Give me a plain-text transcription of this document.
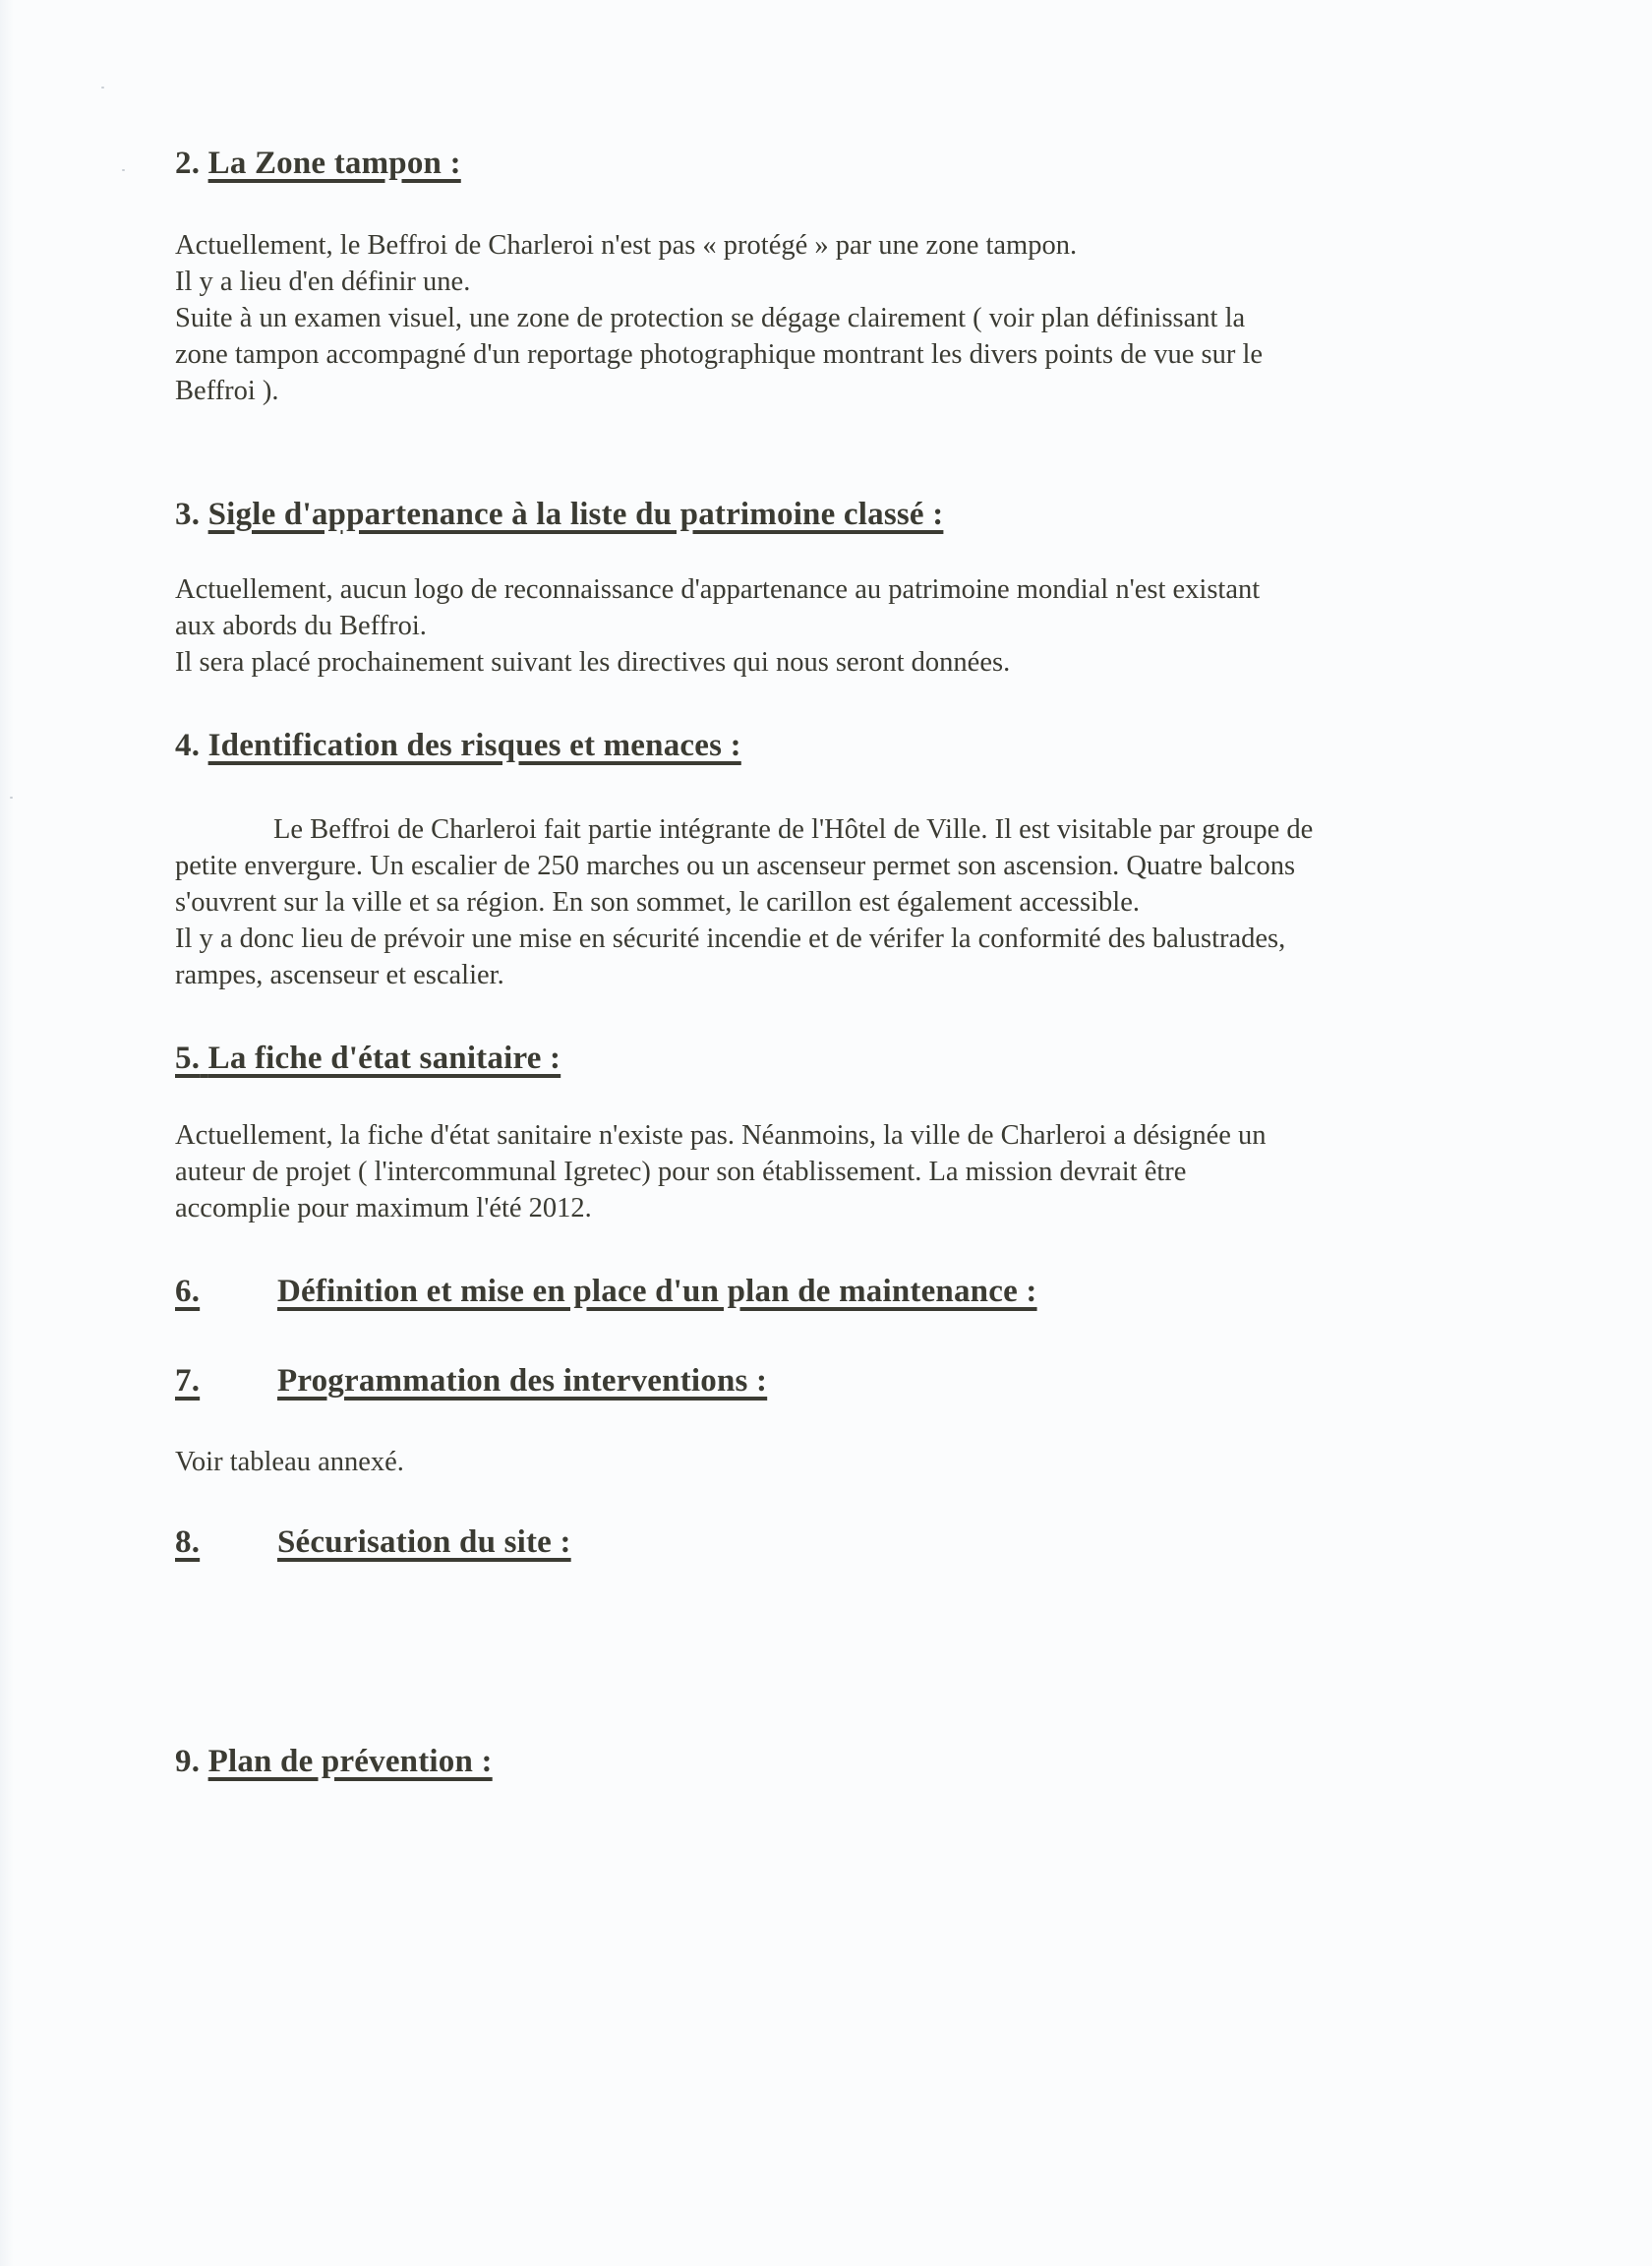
2. La Zone tampon :
Actuellement, le Beffroi de Charleroi n'est pas « protégé » par une zone tampon.
Il y a lieu d'en définir une.
Suite à un examen visuel, une zone de protection se dégage clairement ( voir plan définissant la
zone tampon accompagné d'un reportage photographique montrant les divers points de vue sur le
Beffroi ).
3. Sigle d'appartenance à la liste du patrimoine classé :
Actuellement, aucun logo de reconnaissance d'appartenance au patrimoine mondial n'est existant
aux abords du Beffroi.
Il sera placé prochainement suivant les directives qui nous seront données.
4. Identification des risques et menaces :
Le Beffroi de Charleroi fait partie intégrante de l'Hôtel de Ville. Il est visitable par groupe de
petite envergure. Un escalier de 250 marches ou un ascenseur permet son ascension. Quatre balcons
s'ouvrent sur la ville et sa région. En son sommet, le carillon est également accessible.
Il y a donc lieu de prévoir une mise en sécurité incendie et de vérifer la conformité des balustrades,
rampes, ascenseur et escalier.
5. La fiche d'état sanitaire :
Actuellement, la fiche d'état sanitaire n'existe pas. Néanmoins, la ville de Charleroi a désignée un
auteur de projet ( l'intercommunal Igretec) pour son établissement. La mission devrait être
accomplie pour maximum l'été 2012.
6. Définition et mise en place d'un plan de maintenance :
7. Programmation des interventions :
Voir tableau annexé.
8. Sécurisation du site :
9. Plan de prévention :
